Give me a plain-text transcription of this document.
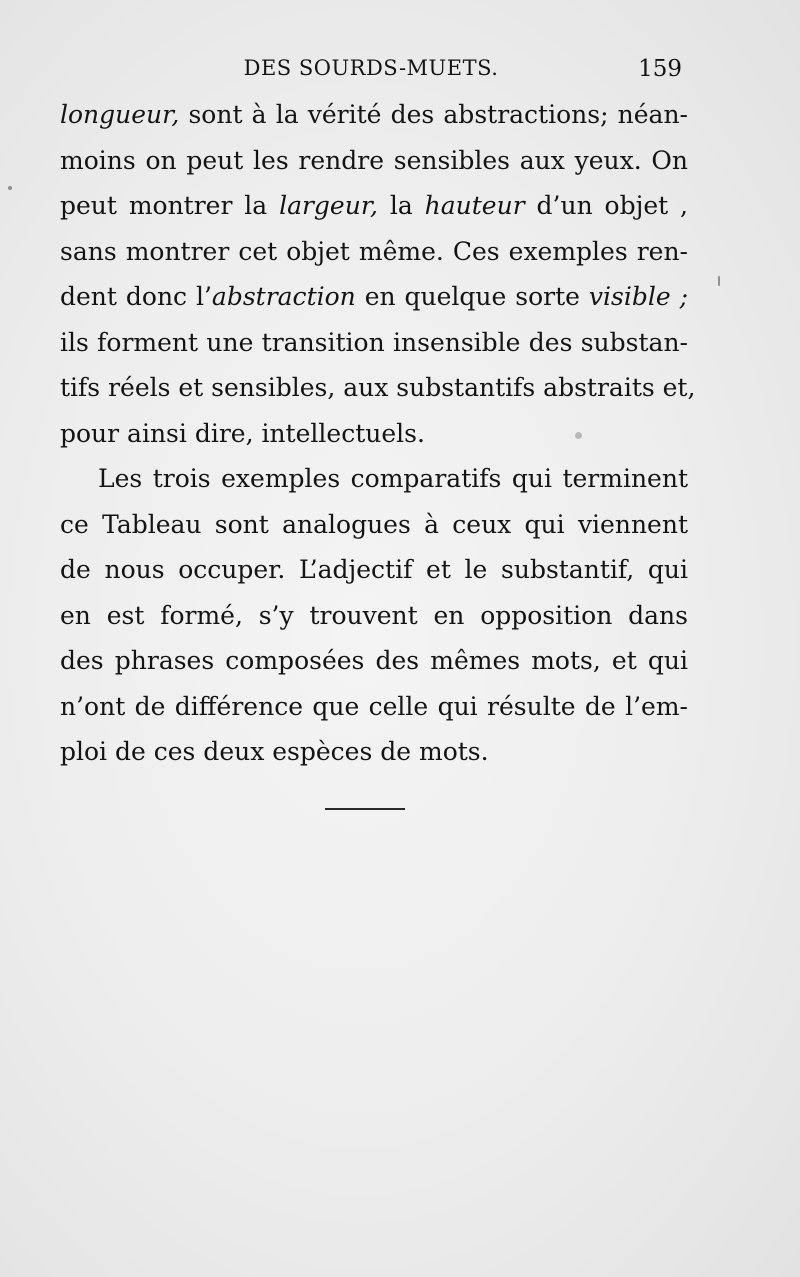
DES SOURDS-MUETS.	159
longueur, sont à la vérité des abstractions; néan-
moins on peut les rendre sensibles aux yeux. On
peut montrer la largeur, la hauteur d’un objet ,
sans montrer cet objet même. Ces exemples ren-
dent donc l’abstraction en quelque sorte visible ;
ils forment une transition insensible des substan-
tifs réels et sensibles, aux substantifs abstraits et,
pour ainsi dire, intellectuels.
Les trois exemples comparatifs qui terminent
ce Tableau sont analogues à ceux qui viennent
de nous occuper. L’adjectif et le substantif, qui
en est formé, s’y trouvent en opposition dans
des phrases composées des mêmes mots, et qui
n’ont de différence que celle qui résulte de l’em-
ploi de ces deux espèces de mots.
